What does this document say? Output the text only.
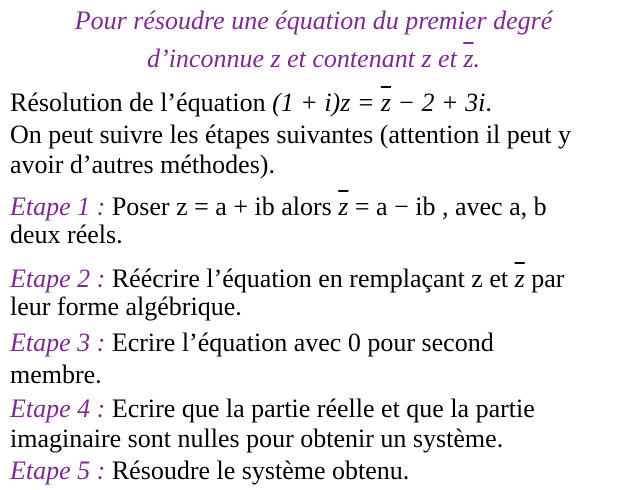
Pour résoudre une équation du premier degré
d’inconnue z et contenant z et $\overline{z}$.
Résolution de l’équation $(1 + i)z = \overline{z} - 2 + 3i$.
On peut suivre les étapes suivantes (attention il peut y
avoir d’autres méthodes).
Etape 1 : Poser z = a + ib alors $\overline{z} = a$ − ib , avec a, b
deux réels.
Etape 2 : Réécrire l’équation en remplaçant z et $\overline{z}$ par
leur forme algébrique.
Etape 3 : Ecrire l’équation avec 0 pour second
membre.
Etape 4 : Ecrire que la partie réelle et que la partie
imaginaire sont nulles pour obtenir un système.
Etape 5 : Résoudre le système obtenu.
